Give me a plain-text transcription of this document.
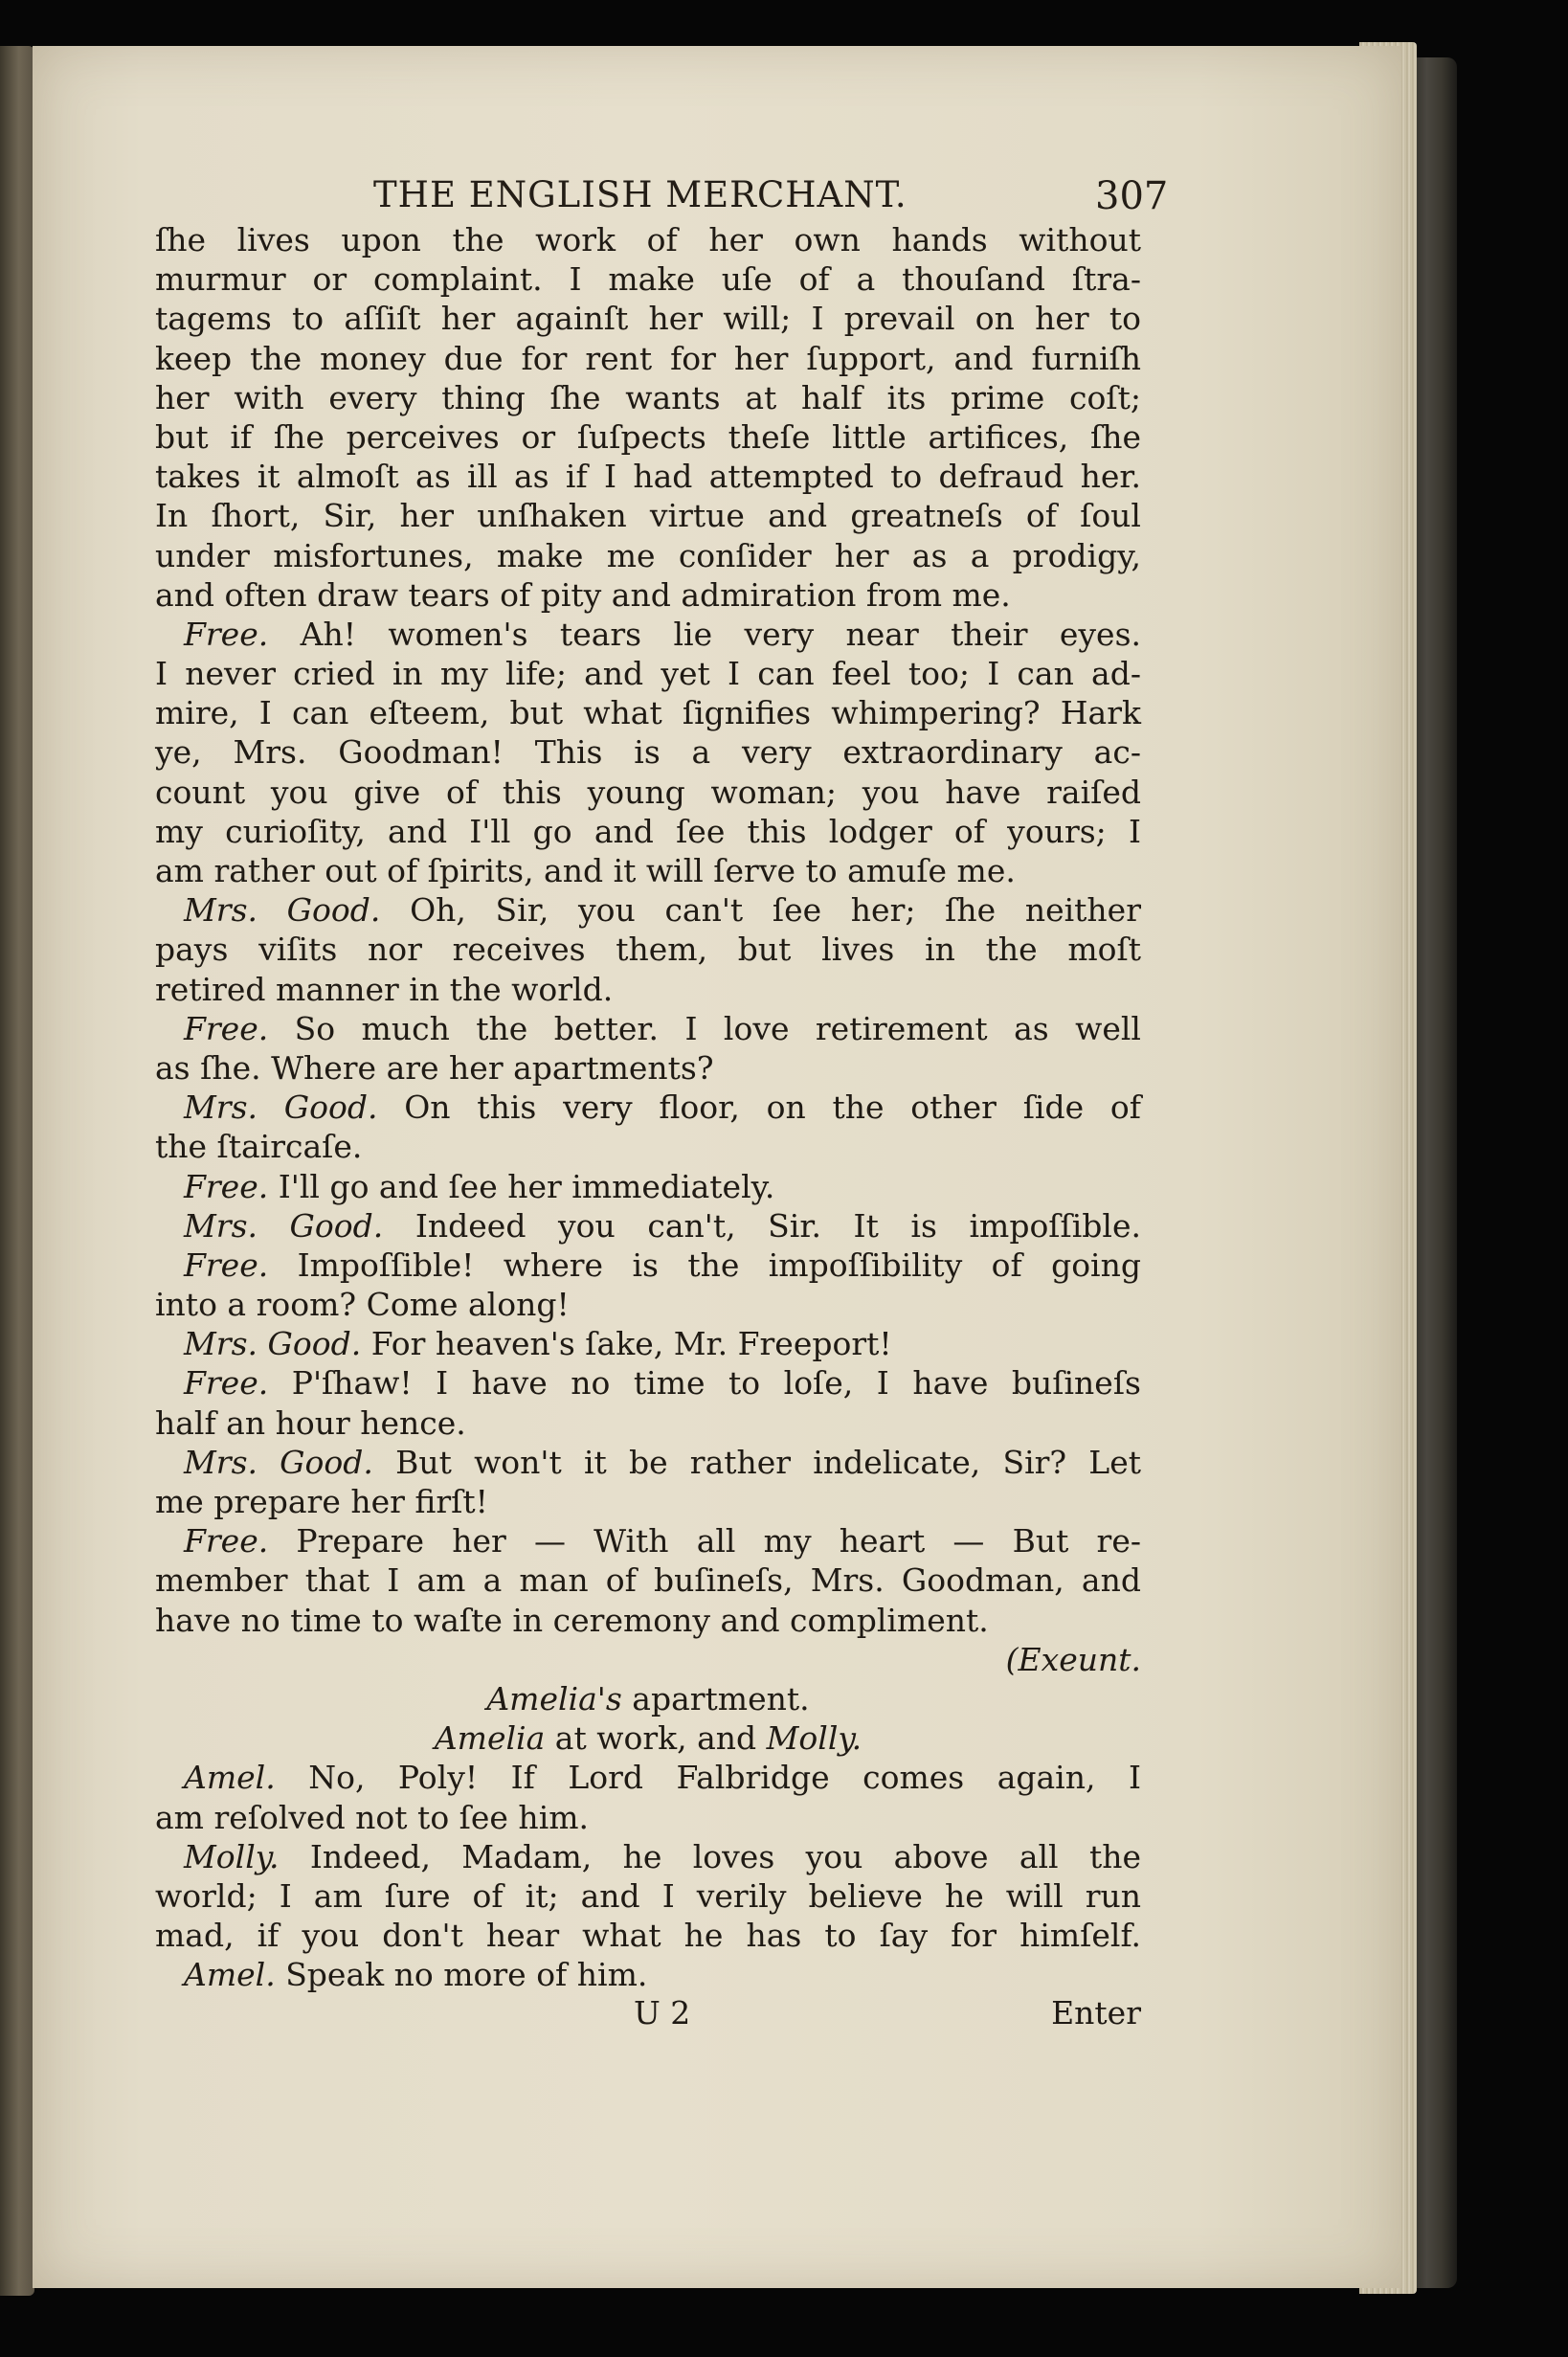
THE ENGLISH MERCHANT.	307
ſhe lives upon the work of her own hands without
murmur or complaint. I make uſe of a thouſand ſtra-
tagems to aſſiſt her againſt her will; I prevail on her to
keep the money due for rent for her ſupport, and furniſh
her with every thing ſhe wants at half its prime coſt;
but if ſhe perceives or ſuſpects theſe little artifices, ſhe
takes it almoſt as ill as if I had attempted to defraud her.
In ſhort, Sir, her unſhaken virtue and greatneſs of ſoul
under misfortunes, make me conſider her as a prodigy,
and often draw tears of pity and admiration from me.
Free. Ah! women's tears lie very near their eyes.
I never cried in my life; and yet I can feel too; I can ad-
mire, I can eſteem, but what ſignifies whimpering? Hark
ye, Mrs. Goodman! This is a very extraordinary ac-
count you give of this young woman; you have raiſed
my curioſity, and I'll go and ſee this lodger of yours; I
am rather out of ſpirits, and it will ſerve to amuſe me.
Mrs. Good. Oh, Sir, you can't ſee her; ſhe neither
pays viſits nor receives them, but lives in the moſt
retired manner in the world.
Free. So much the better. I love retirement as well
as ſhe. Where are her apartments?
Mrs. Good. On this very floor, on the other ſide of
the ſtaircaſe.
Free. I'll go and ſee her immediately.
Mrs. Good. Indeed you can't, Sir. It is impoſſible.
Free. Impoſſible! where is the impoſſibility of going
into a room? Come along!
Mrs. Good. For heaven's ſake, Mr. Freeport!
Free. P'ſhaw! I have no time to loſe, I have buſineſs
half an hour hence.
Mrs. Good. But won't it be rather indelicate, Sir? Let
me prepare her firſt!
Free. Prepare her — With all my heart — But re-
member that I am a man of buſineſs, Mrs. Goodman, and
have no time to waſte in ceremony and compliment.
(Exeunt.
Amelia's apartment.
Amelia at work, and Molly.
Amel. No, Poly! If Lord Falbridge comes again, I
am reſolved not to ſee him.
Molly. Indeed, Madam, he loves you above all the
world; I am ſure of it; and I verily believe he will run
mad, if you don't hear what he has to ſay for himſelf.
Amel. Speak no more of him.
U 2	Enter
